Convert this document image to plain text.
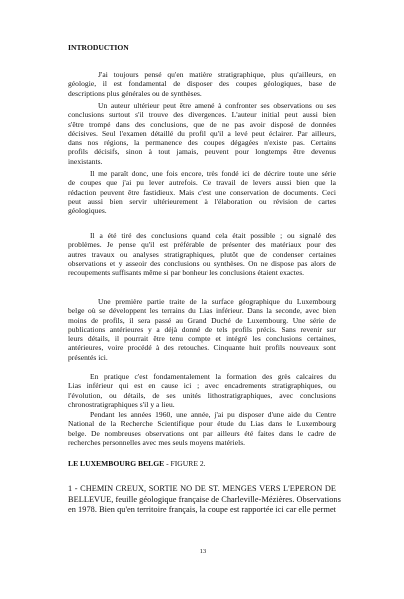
INTRODUCTION
J'ai toujours pensé qu'en matière stratigraphique, plus qu'ailleurs, en
géologie, il est fondamental de disposer des coupes géologiques, base de
descriptions plus générales ou de synthèses.
Un auteur ultérieur peut être amené à confronter ses observations ou ses
conclusions surtout s'il trouve des divergences. L'auteur initial peut aussi bien
s'être trompé dans des conclusions, que de ne pas avoir disposé de données
décisives. Seul l'examen détaillé du profil qu'il a levé peut éclairer. Par ailleurs,
dans nos régions, la permanence des coupes dégagées n'existe pas. Certains
profils décisifs, sinon à tout jamais, peuvent pour longtemps être devenus
inexistants.
Il me paraît donc, une fois encore, très fondé ici de décrire toute une série
de coupes que j'ai pu lever autrefois. Ce travail de levers aussi bien que la
rédaction peuvent être fastidieux. Mais c'est une conservation de documents. Ceci
peut aussi bien servir ultérieurement à l'élaboration ou révision de cartes
géologiques.
Il a été tiré des conclusions quand cela était possible ; ou signalé des
problèmes. Je pense qu'il est préférable de présenter des matériaux pour des
autres travaux ou analyses stratigraphiques, plutôt que de condenser certaines
observations et y asseoir des conclusions ou synthèses. On ne dispose pas alors de
recoupements suffisants même si par bonheur les conclusions étaient exactes.
Une première partie traite de la surface géographique du Luxembourg
belge où se développent les terrains du Lias inférieur. Dans la seconde, avec bien
moins de profils, il sera passé au Grand Duché de Luxembourg. Une série de
publications antérieures y a déjà donné de tels profils précis. Sans revenir sur
leurs détails, il pourrait être tenu compte et intégré les conclusions certaines,
antérieures, voire procédé à des retouches. Cinquante huit profils nouveaux sont
présentés ici.
En pratique c'est fondamentalement la formation des grès calcaires du
Lias inférieur qui est en cause ici ; avec encadrements stratigraphiques, ou
l'évolution, ou détails, de ses unités lithostratigraphiques, avec conclusions
chronostratigraphiques s'il y a lieu.
Pendant les années 1960, une année, j'ai pu disposer d'une aide du Centre
National de la Recherche Scientifique pour étude du Lias dans le Luxembourg
belge. De nombreuses observations ont par ailleurs été faites dans le cadre de
recherches personnelles avec mes seuls moyens matériels.
LE LUXEMBOURG BELGE - FIGURE 2.
1 - CHEMIN CREUX, SORTIE NO DE ST. MENGES VERS L'EPERON DE
BELLEVUE, feuille géologique française de Charleville-Mézières. Observations
en 1978. Bien qu'en territoire français, la coupe est rapportée ici car elle permet
13
